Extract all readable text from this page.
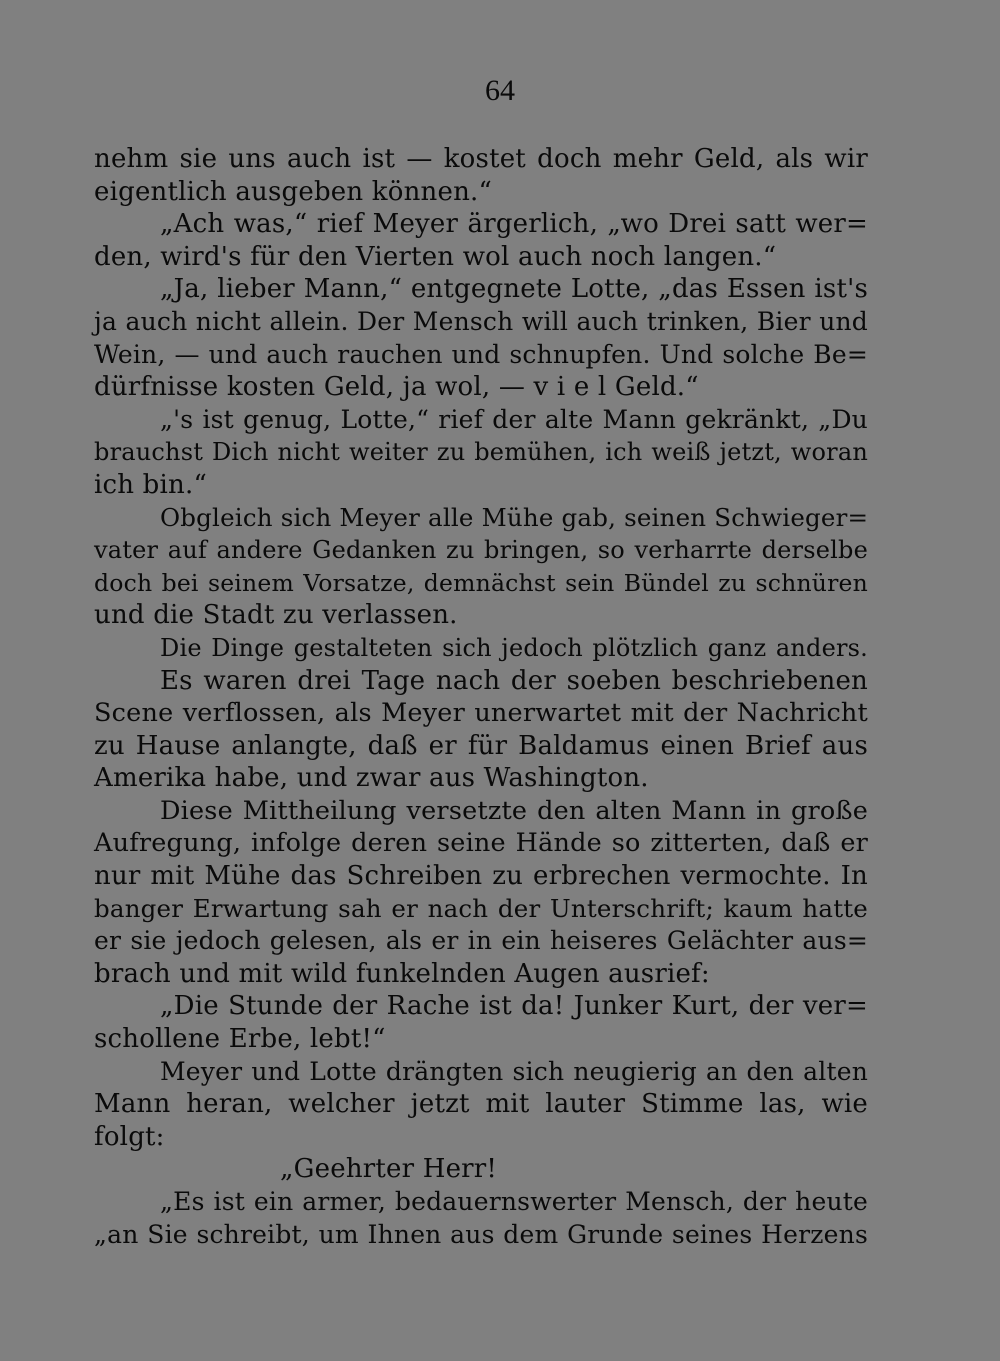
64
nehm sie uns auch ist — kostet doch mehr Geld, als wir
eigentlich ausgeben können.“
„Ach was,“ rief Meyer ärgerlich, „wo Drei satt wer=
den, wird's für den Vierten wol auch noch langen.“
„Ja, lieber Mann,“ entgegnete Lotte, „das Essen ist's
ja auch nicht allein. Der Mensch will auch trinken, Bier und
Wein, — und auch rauchen und schnupfen. Und solche Be=
dürfnisse kosten Geld, ja wol, — v i e l Geld.“
„'s ist genug, Lotte,“ rief der alte Mann gekränkt, „Du
brauchst Dich nicht weiter zu bemühen, ich weiß jetzt, woran
ich bin.“
Obgleich sich Meyer alle Mühe gab, seinen Schwieger=
vater auf andere Gedanken zu bringen, so verharrte derselbe
doch bei seinem Vorsatze, demnächst sein Bündel zu schnüren
und die Stadt zu verlassen.
Die Dinge gestalteten sich jedoch plötzlich ganz anders.
Es waren drei Tage nach der soeben beschriebenen
Scene verflossen, als Meyer unerwartet mit der Nachricht
zu Hause anlangte, daß er für Baldamus einen Brief aus
Amerika habe, und zwar aus Washington.
Diese Mittheilung versetzte den alten Mann in große
Aufregung, infolge deren seine Hände so zitterten, daß er
nur mit Mühe das Schreiben zu erbrechen vermochte. In
banger Erwartung sah er nach der Unterschrift; kaum hatte
er sie jedoch gelesen, als er in ein heiseres Gelächter aus=
brach und mit wild funkelnden Augen ausrief:
„Die Stunde der Rache ist da! Junker Kurt, der ver=
schollene Erbe, lebt!“
Meyer und Lotte drängten sich neugierig an den alten
Mann heran, welcher jetzt mit lauter Stimme las, wie
folgt:
„Geehrter Herr!
„Es ist ein armer, bedauernswerter Mensch, der heute
„an Sie schreibt, um Ihnen aus dem Grunde seines Herzens
